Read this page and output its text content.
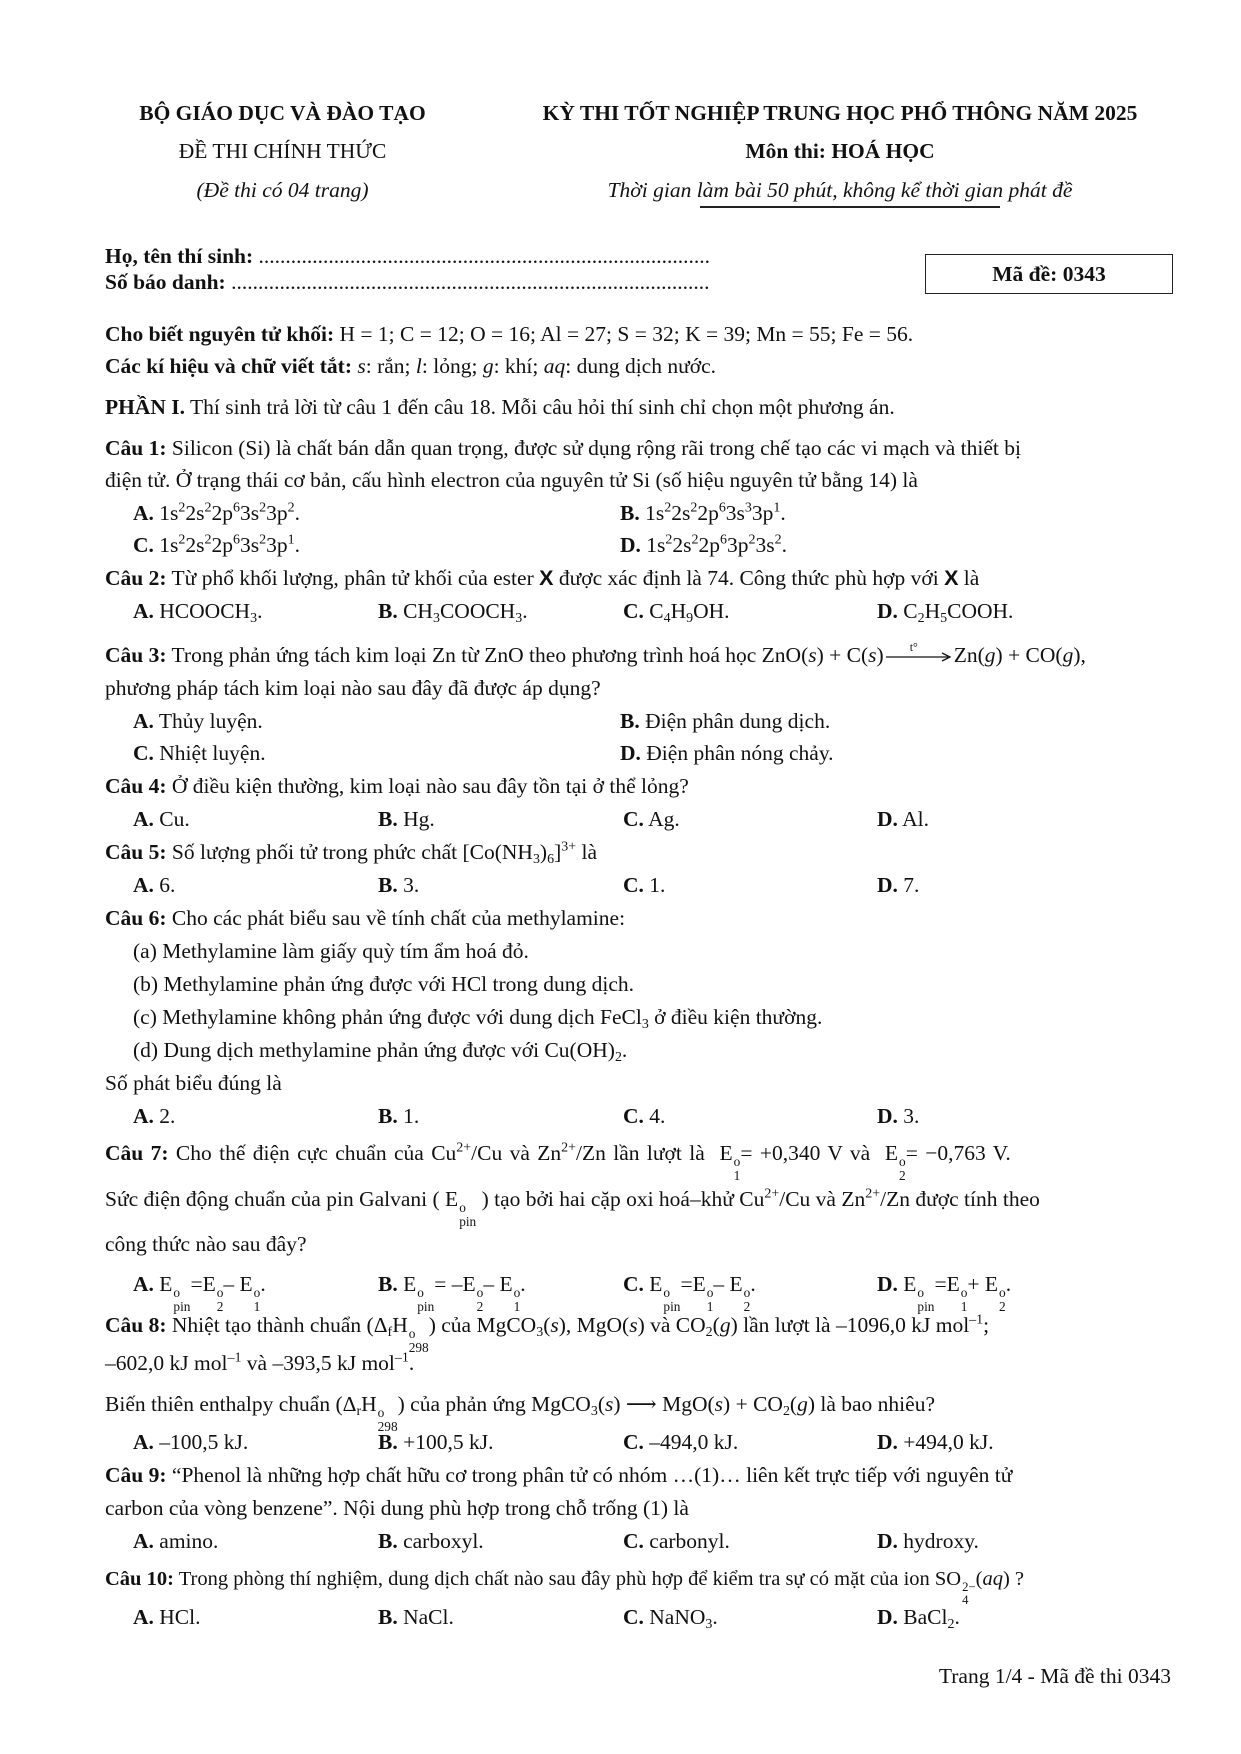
BỘ GIÁO DỤC VÀ ĐÀO TẠO
ĐỀ THI CHÍNH THỨC
(Đề thi có 04 trang)
KỲ THI TỐT NGHIỆP TRUNG HỌC PHỔ THÔNG NĂM 2025
Môn thi: HOÁ HỌC
Thời gian làm bài 50 phút, không kể thời gian phát đề
Họ, tên thí sinh: ....................................................................................
Số báo danh: .........................................................................................	Mã đề: 0343
Cho biết nguyên tử khối: H = 1; C = 12; O = 16; Al = 27; S = 32; K = 39; Mn = 55; Fe = 56.
Các kí hiệu và chữ viết tắt: s: rắn; l: lỏng; g: khí; aq: dung dịch nước.
PHẦN I. Thí sinh trả lời từ câu 1 đến câu 18. Mỗi câu hỏi thí sinh chỉ chọn một phương án.
Câu 1: Silicon (Si) là chất bán dẫn quan trọng, được sử dụng rộng rãi trong chế tạo các vi mạch và thiết bị
điện tử. Ở trạng thái cơ bản, cấu hình electron của nguyên tử Si (số hiệu nguyên tử bằng 14) là
A. $1s^22s^22p^63s^23p^2$.	B. $1s^22s^22p^63s^33p^1$.
C. $1s^22s^22p^63s^23p^1$.	D. $1s^22s^22p^63p^23s^2$.
Câu 2: Từ phổ khối lượng, phân tử khối của ester X được xác định là 74. Công thức phù hợp với X là
A. $HCOOCH_3$.	B. $CH_3COOCH_3$.	C. $C_4H_9OH$.	D. $C_2H_5COOH$.
Câu 3: Trong phản ứng tách kim loại Zn từ ZnO theo phương trình hoá học ZnO(s) + C(s) t° Zn(g) + CO(g),
phương pháp tách kim loại nào sau đây đã được áp dụng?
A. Thủy luyện.	B. Điện phân dung dịch.
C. Nhiệt luyện.	D. Điện phân nóng chảy.
Câu 4: Ở điều kiện thường, kim loại nào sau đây tồn tại ở thể lỏng?
A. Cu.	B. Hg.	C. Ag.	D. Al.
Câu 5: Số lượng phối tử trong phức chất $[Co(NH_3)_6]^{3+}$ là
A. 6.	B. 3.	C. 1.	D. 7.
Câu 6: Cho các phát biểu sau về tính chất của methylamine:
(a) Methylamine làm giấy quỳ tím ẩm hoá đỏ.
(b) Methylamine phản ứng được với HCl trong dung dịch.
(c) Methylamine không phản ứng được với dung dịch FeCl$_3$ ở điều kiện thường.
(d) Dung dịch methylamine phản ứng được với $Cu(OH)_2$.
Số phát biểu đúng là
A. 2.	B. 1.	C. 4.	D. 3.
Câu 7: Cho thế điện cực chuẩn của $Cu^{2+}/Cu$ và $Zn^{2+}/Zn$ lần lượt là  E o
1
= +0,340 V và  E o
2
= −0,763 V.
Sức điện động chuẩn của pin Galvani ( E o
pin
) tạo bởi hai cặp oxi hoá–khử $Cu^{2+}/Cu$ và $Zn^{2+}/Zn$ được tính theo
công thức nào sau đây?
A. E o
pin
=E o
2
– E o
1
.	B. E o
pin
= –E o
2
– E o
1
.	C. E o
pin
=E o
1
– E o
2
.	D. E o
pin
=E o
1
+ E o
2
.
Câu 8: Nhiệt tạo thành chuẩn ($\Delta_fH$ o
298
) của MgCO$_3$(s), MgO(s) và $CO_2(g)$ lần lượt là –1096,0 kJ mol$^{-1}$;
–602,0 kJ mol$^{-1}$ và –393,5 kJ mol$^{-1}$.
Biến thiên enthalpy chuẩn ($\Delta_rH$ o
298
) của phản ứng MgCO$_3$(s) ⟶ $MgO(s) + CO_2(g)$ là bao nhiêu?
A. –100,5 kJ.	B. +100,5 kJ.	C. –494,0 kJ.	D. +494,0 kJ.
Câu 9: “Phenol là những hợp chất hữu cơ trong phân tử có nhóm …(1)… liên kết trực tiếp với nguyên tử
carbon của vòng benzene”. Nội dung phù hợp trong chỗ trống (1) là
A. amino.	B. carboxyl.	C. carbonyl.	D. hydroxy.
Câu 10: Trong phòng thí nghiệm, dung dịch chất nào sau đây phù hợp để kiểm tra sự có mặt của ion SO 2−
4
(aq) ?
A. HCl.	B. NaCl.	C. NaNO$_3$.	D. BaCl$_2$.
Trang 1/4 - Mã đề thi 0343
